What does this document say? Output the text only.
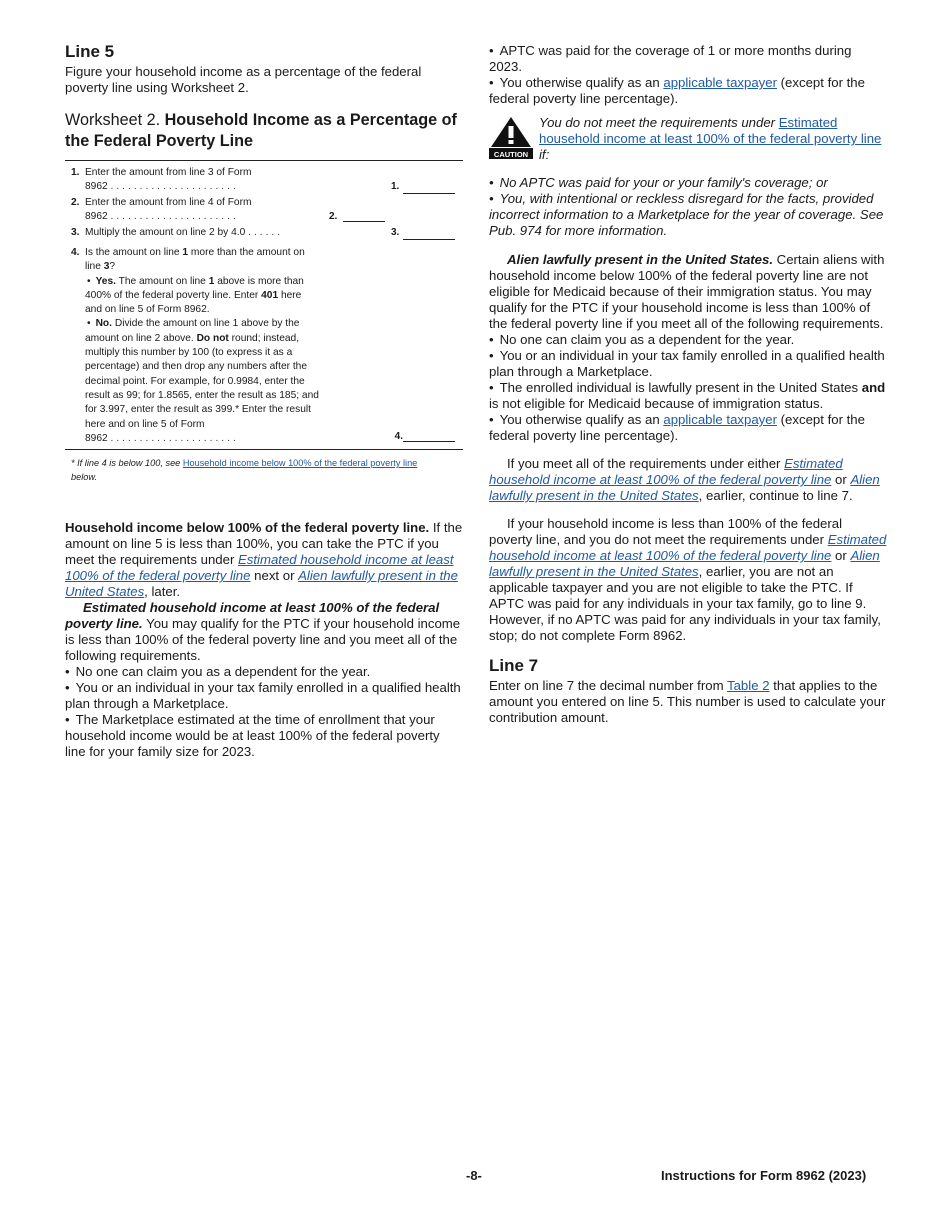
Line 5

Figure your household income as a percentage of the federal poverty line using Worksheet 2.

Worksheet 2. Household Income as a Percentage of the Federal Poverty Line
1. Enter the amount from line 3 of Form
8962 ......................	1.
2. Enter the amount from line 4 of Form
8962 ......................	2.
3. Multiply the amount on line 2 by 4.0 ......	3.
4. Is the amount on line 1 more than the amount on line 3?
• Yes. The amount on line 1 above is more than 400% of the federal poverty line. Enter 401 here and on line 5 of Form 8962.
• No. Divide the amount on line 1 above by the amount on line 2 above. Do not round; instead, multiply this number by 100 (to express it as a percentage) and then drop any numbers after the decimal point. For example, for 0.9984, enter the result as 99; for 1.8565, enter the result as 185; and for 3.997, enter the result as 399.* Enter the result here and on line 5 of Form
8962 ......................	4.
* If line 4 is below 100, see Household income below 100% of the federal poverty line
below.

Household income below 100% of the federal poverty line. If the amount on line 5 is less than 100%, you can take the PTC if you meet the requirements under Estimated household income at least 100% of the federal poverty line next or Alien lawfully present in the United States, later.

Estimated household income at least 100% of the federal poverty line. You may qualify for the PTC if your household income is less than 100% of the federal poverty line and you meet all of the following requirements.

• No one can claim you as a dependent for the year.

• You or an individual in your tax family enrolled in a qualified health plan through a Marketplace.

• The Marketplace estimated at the time of enrollment that your household income would be at least 100% of the federal poverty line for your family size for 2023.

• APTC was paid for the coverage of 1 or more months during 2023.

• You otherwise qualify as an applicable taxpayer (except for the federal poverty line percentage).

CAUTION

You do not meet the requirements under Estimated household income at least 100% of the federal poverty line if:

• No APTC was paid for your or your family's coverage; or

• You, with intentional or reckless disregard for the facts, provided incorrect information to a Marketplace for the year of coverage. See Pub. 974 for more information.

Alien lawfully present in the United States. Certain aliens with household income below 100% of the federal poverty line are not eligible for Medicaid because of their immigration status. You may qualify for the PTC if your household income is less than 100% of the federal poverty line if you meet all of the following requirements.

• No one can claim you as a dependent for the year.

• You or an individual in your tax family enrolled in a qualified health plan through a Marketplace.

• The enrolled individual is lawfully present in the United States and is not eligible for Medicaid because of immigration status.

• You otherwise qualify as an applicable taxpayer (except for the federal poverty line percentage).

If you meet all of the requirements under either Estimated household income at least 100% of the federal poverty line or Alien lawfully present in the United States, earlier, continue to line 7.

If your household income is less than 100% of the federal poverty line, and you do not meet the requirements under Estimated household income at least 100% of the federal poverty line or Alien lawfully present in the United States, earlier, you are not an applicable taxpayer and you are not eligible to take the PTC. If APTC was paid for any individuals in your tax family, go to line 9. However, if no APTC was paid for any individuals in your tax family, stop; do not complete Form 8962.

Line 7

Enter on line 7 the decimal number from Table 2 that applies to the amount you entered on line 5. This number is used to calculate your contribution amount.

-8-	Instructions for Form 8962 (2023)
